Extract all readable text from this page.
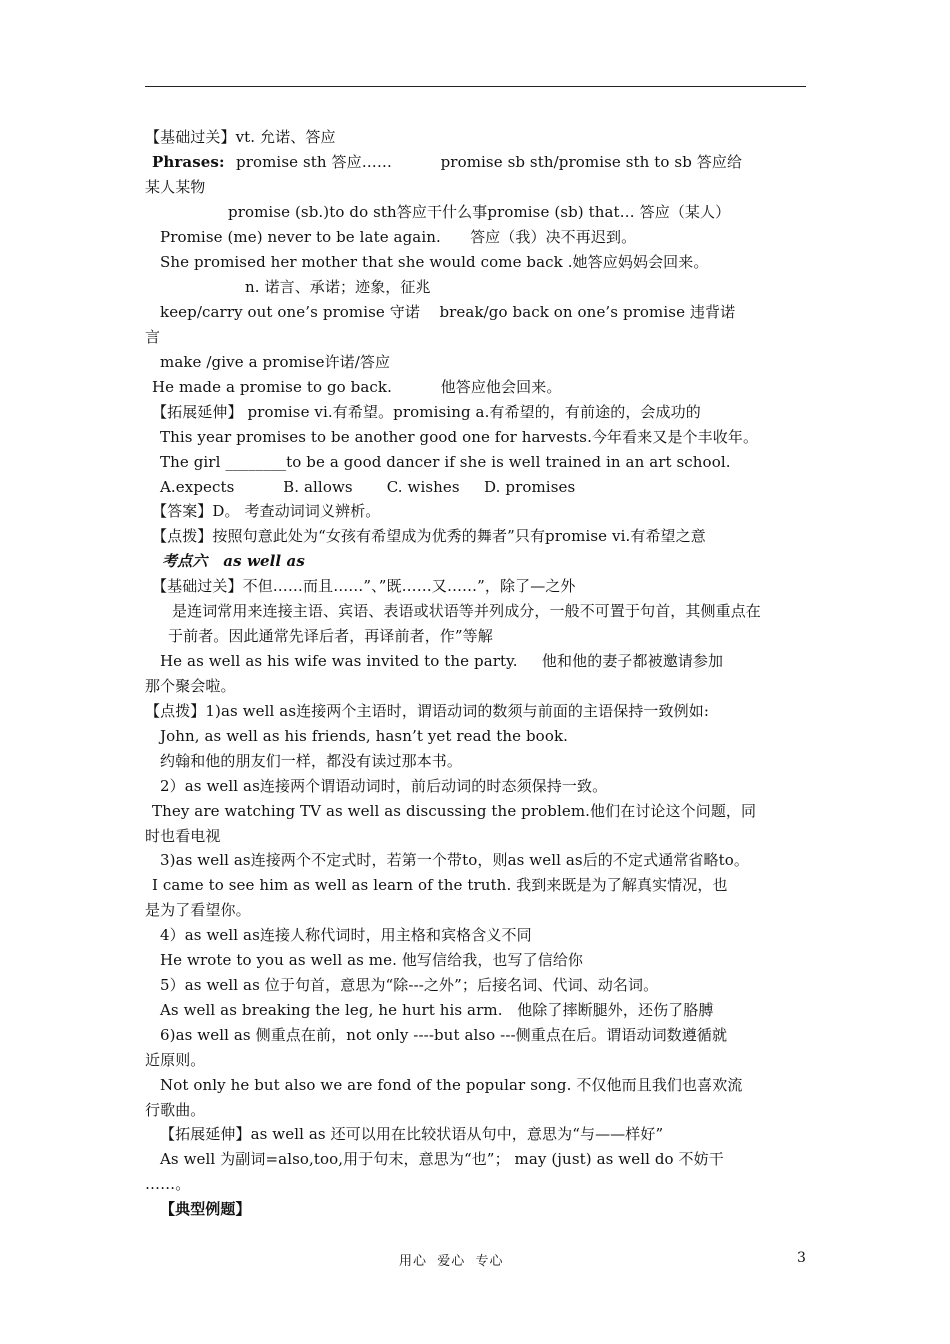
【基础过关】vt. 允诺、答应
Phrases: promise sth 答应……          promise sb sth/promise sth to sb 答应给
某人某物
promise (sb.)to do sth答应干什么事promise (sb) that… 答应（某人）
Promise (me) never to be late again.      答应（我）决不再迟到。
She promised her mother that she would come back .她答应妈妈会回来。
n. 诺言、承诺；迹象，征兆
keep/carry out one’s promise 守诺    break/go back on one’s promise 违背诺
言
make /give a promise许诺/答应
He made a promise to go back.          他答应他会回来。
【拓展延伸】 promise vi.有希望。promising a.有希望的，有前途的，会成功的
This year promises to be another good one for harvests.今年看来又是个丰收年。
The girl ________to be a good dancer if she is well trained in an art school.
A.expects          B. allows       C. wishes     D. promises
【答案】D。 考查动词词义辨析。
【点拨】按照句意此处为“女孩有希望成为优秀的舞者”只有promise vi.有希望之意
考点六   as well as
【基础过关】不但……而且……”、”既……又……”，除了—之外
是连词常用来连接主语、宾语、表语或状语等并列成分，一般不可置于句首，其侧重点在
于前者。因此通常先译后者，再译前者，作”等解
He as well as his wife was invited to the party.     他和他的妻子都被邀请参加
那个聚会啦。
【点拨】1)as well as连接两个主语时，谓语动词的数须与前面的主语保持一致例如:
John, as well as his friends, hasn’t yet read the book.
约翰和他的朋友们一样，都没有读过那本书。
2）as well as连接两个谓语动词时，前后动词的时态须保持一致。
They are watching TV as well as discussing the problem.他们在讨论这个问题，同
时也看电视
3)as well as连接两个不定式时，若第一个带to，则as well as后的不定式通常省略to。
I came to see him as well as learn of the truth. 我到来既是为了解真实情况，也
是为了看望你。
4）as well as连接人称代词时，用主格和宾格含义不同
He wrote to you as well as me. 他写信给我，也写了信给你
5）as well as 位于句首，意思为“除---之外”；后接名词、代词、动名词。
As well as breaking the leg, he hurt his arm.   他除了摔断腿外，还伤了胳膊
6)as well as 侧重点在前，not only ----but also ---侧重点在后。谓语动词数遵循就
近原则。
Not only he but also we are fond of the popular song. 不仅他而且我们也喜欢流
行歌曲。
【拓展延伸】as well as 还可以用在比较状语从句中，意思为“与——样好”
As well 为副词=also,too,用于句末，意思为“也”； may (just) as well do 不妨干
……。
【典型例题】
用心  爱心  专心	3
